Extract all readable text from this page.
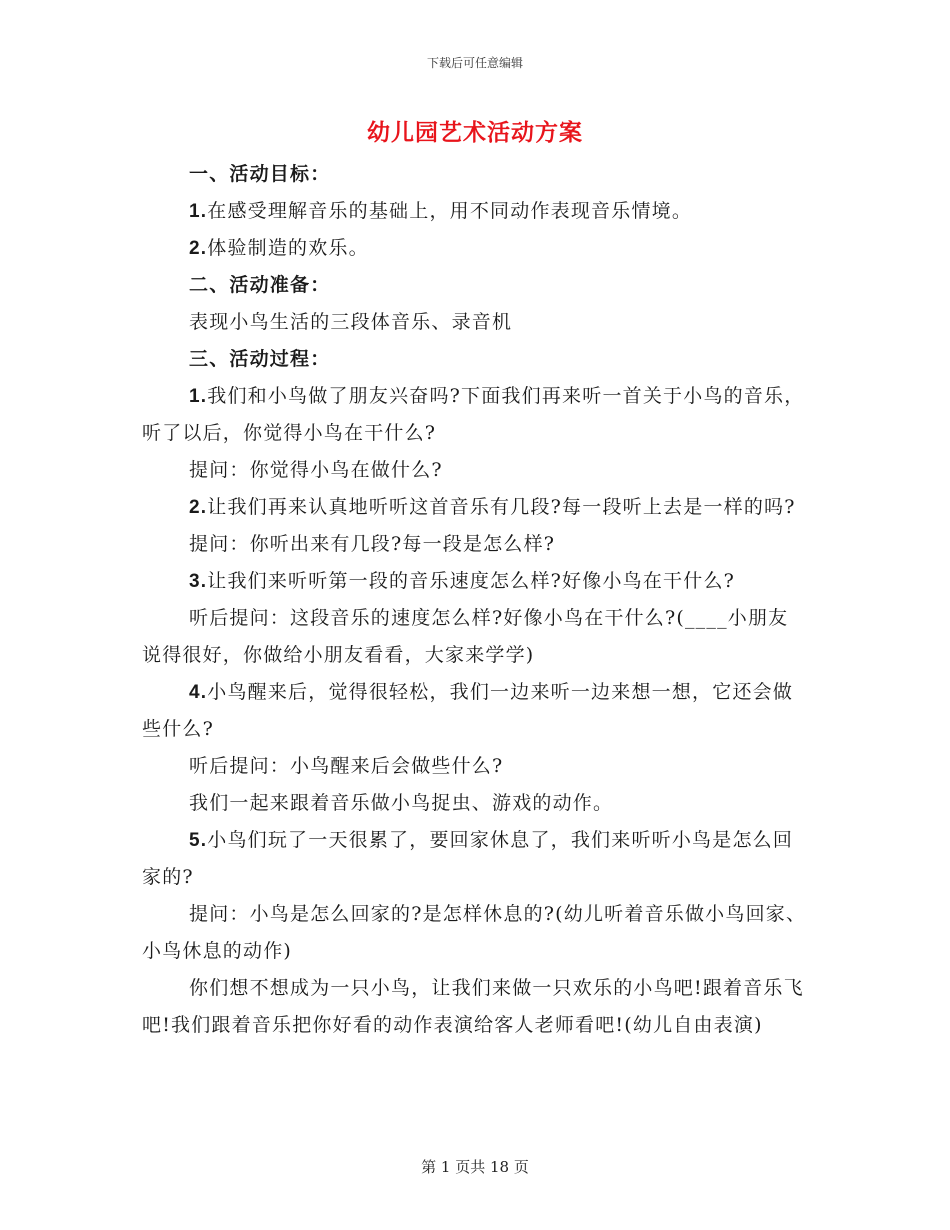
下载后可任意编辑
幼儿园艺术活动方案

一、活动目标：

1.在感受理解音乐的基础上，用不同动作表现音乐情境。

2.体验制造的欢乐。

二、活动准备：

表现小鸟生活的三段体音乐、录音机

三、活动过程：

1.我们和小鸟做了朋友兴奋吗?下面我们再来听一首关于小鸟的音乐，听了以后，你觉得小鸟在干什么?

提问：你觉得小鸟在做什么?

2.让我们再来认真地听听这首音乐有几段?每一段听上去是一样的吗?

提问：你听出来有几段?每一段是怎么样?

3.让我们来听听第一段的音乐速度怎么样?好像小鸟在干什么?

听后提问：这段音乐的速度怎么样?好像小鸟在干什么?(____小朋友说得很好，你做给小朋友看看，大家来学学)

4.小鸟醒来后，觉得很轻松，我们一边来听一边来想一想，它还会做些什么?

听后提问：小鸟醒来后会做些什么?

我们一起来跟着音乐做小鸟捉虫、游戏的动作。

5.小鸟们玩了一天很累了，要回家休息了，我们来听听小鸟是怎么回家的?

提问：小鸟是怎么回家的?是怎样休息的?(幼儿听着音乐做小鸟回家、小鸟休息的动作)

你们想不想成为一只小鸟，让我们来做一只欢乐的小鸟吧!跟着音乐飞吧!我们跟着音乐把你好看的动作表演给客人老师看吧!(幼儿自由表演)

第 1 页共 18 页
